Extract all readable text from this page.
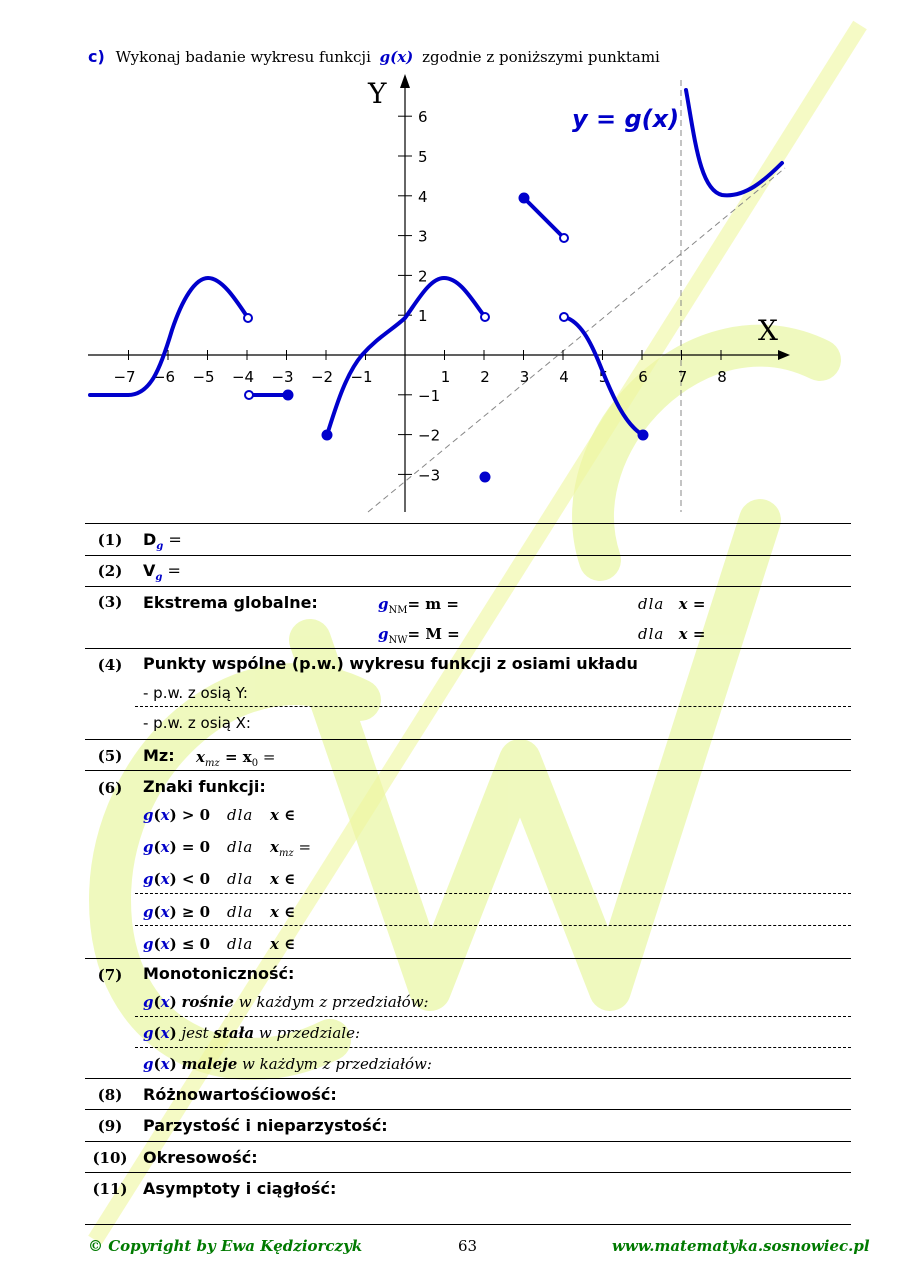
c) Wykonaj badanie wykresu funkcji g(x) zgodnie z poniższymi punktami
Y
X
y = g(x)
−7 −6 −5 −4 −3 −2 −1	1 2 3 4 5 6 7 8
6
5
4
3
2
1
−1
−2
−3
(1)	$D_g$ =
(2)	$V_g$ =
(3)	Ekstrema globalne:	$g_{NM}= m$ =	dla x =
$g_{NW}= M$ =	dla x =
(4)	Punkty wspólne (p.w.) wykresu funkcji z osiami układu
- p.w. z osią Y:
- p.w. z osią X:
(5)	Mz: $x_{mz} = x_0$ =
(6)	Znaki funkcji:
g(x) > 0 dla x ∈
g(x) = 0 dla $x_{mz}$ =
g(x) < 0 dla x ∈
g(x) ≥ 0 dla x ∈
g(x) ≤ 0 dla x ∈
(7)	Monotoniczność:
g(x) rośnie w każdym z przedziałów:
g(x) jest stała w przedziale:
g(x) maleje w każdym z przedziałów:
(8)	Różnowartośćiowość:
(9)	Parzystość i nieparzystość:
(10) Okresowość:
(11) Asymptoty i ciągłość:
© Copyright by Ewa Kędziorczyk	63	www.matematyka.sosnowiec.pl
